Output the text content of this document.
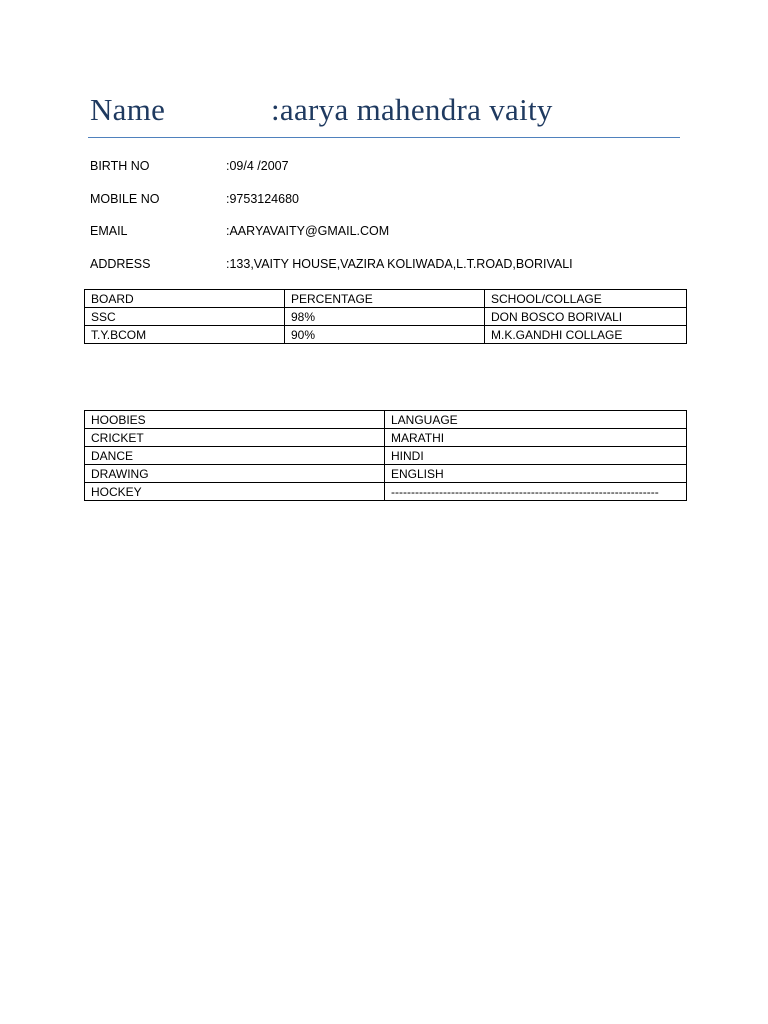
Name	:aarya mahendra vaity
BIRTH NO	:09/4 /2007
MOBILE NO	:9753124680
EMAIL	:AARYAVAITY@GMAIL.COM
ADDRESS	:133,VAITY HOUSE,VAZIRA KOLIWADA,L.T.ROAD,BORIVALI
BOARD	PERCENTAGE	SCHOOL/COLLAGE
SSC	98%	DON BOSCO BORIVALI
T.Y.BCOM	90%	M.K.GANDHI COLLAGE
HOOBIES	LANGUAGE
CRICKET	MARATHI
DANCE	HINDI
DRAWING	ENGLISH
HOCKEY	-------------------------------------------------------------------
